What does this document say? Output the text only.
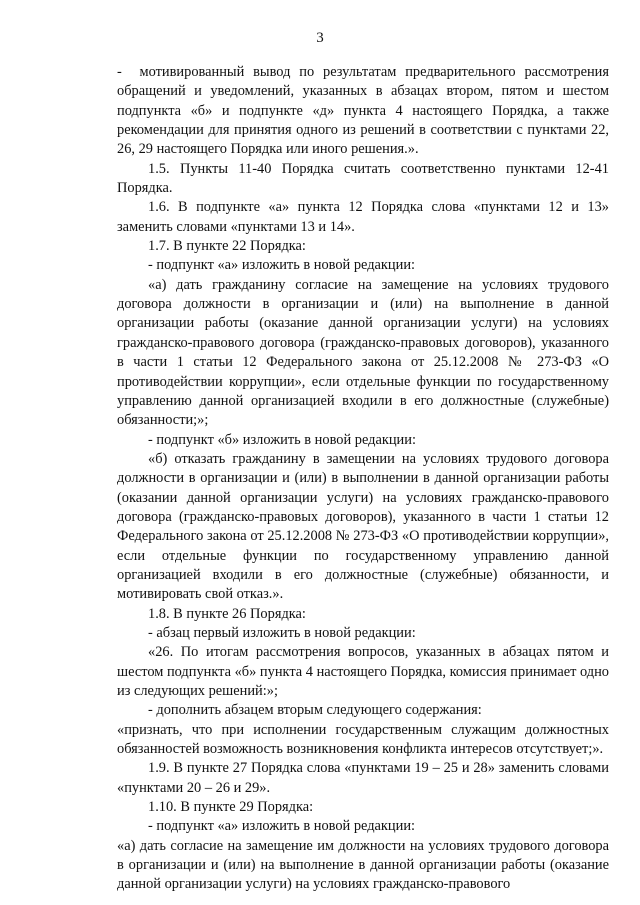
3

-  мотивированный вывод по результатам предварительного рассмотрения обращений и уведомлений, указанных в абзацах втором, пятом и шестом подпункта «б» и подпункте «д» пункта 4 настоящего Порядка, а также рекомендации для принятия одного из решений в соответствии с пунктами 22, 26, 29 настоящего Порядка или иного решения.».

1.5. Пункты 11-40 Порядка считать соответственно пунктами 12-41 Порядка.

1.6. В подпункте «а» пункта 12 Порядка слова «пунктами 12 и 13» заменить словами «пунктами 13 и 14».

1.7. В пункте 22 Порядка:

- подпункт «а» изложить в новой редакции:

«а) дать гражданину согласие на замещение на условиях трудового договора должности в организации и (или) на выполнение в данной организации работы (оказание данной организации услуги) на условиях гражданско-правового договора (гражданско-правовых договоров), указанного в части 1 статьи 12 Федерального закона от 25.12.2008 № 273-ФЗ «О противодействии коррупции», если отдельные функции по государственному управлению данной организацией входили в его должностные (служебные) обязанности;»;

- подпункт «б» изложить в новой редакции:

«б) отказать гражданину в замещении на условиях трудового договора должности в организации и (или) в выполнении в данной организации работы (оказании данной организации услуги) на условиях гражданско-правового договора (гражданско-правовых договоров), указанного в части 1 статьи 12 Федерального закона от 25.12.2008 № 273-ФЗ «О противодействии коррупции», если отдельные функции по государственному управлению данной организацией входили в его должностные (служебные) обязанности, и мотивировать свой отказ.».

1.8. В пункте 26 Порядка:

- абзац первый изложить в новой редакции:

«26. По итогам рассмотрения вопросов, указанных в абзацах пятом и шестом подпункта «б» пункта 4 настоящего Порядка, комиссия принимает одно из следующих решений:»;

- дополнить абзацем вторым следующего содержания:

«признать, что при исполнении государственным служащим должностных обязанностей возможность возникновения конфликта интересов отсутствует;».

1.9. В пункте 27 Порядка слова «пунктами 19 – 25 и 28» заменить словами «пунктами 20 – 26 и 29».

1.10. В пункте 29 Порядка:

- подпункт «а» изложить в новой редакции:

«а) дать согласие на замещение им должности на условиях трудового договора в организации и (или) на выполнение в данной организации работы (оказание данной организации услуги) на условиях гражданско-правового
